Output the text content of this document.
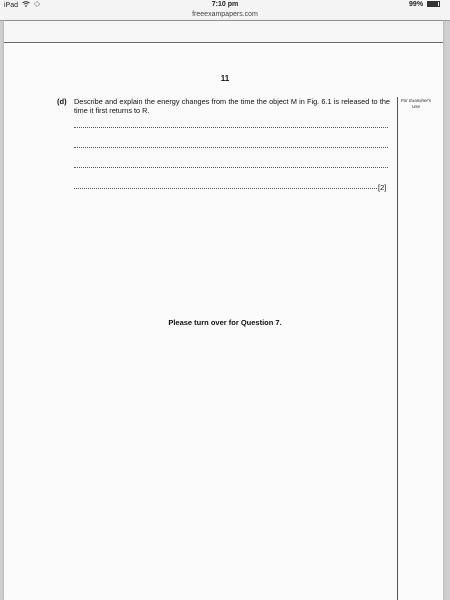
iPad	7:10 pm	99%
freeexampapers.com
11
For Examiner's Use
(d) Describe and explain the energy changes from the time the object M in Fig. 6.1 is released to the time it first returns to R.
[2]
Please turn over for Question 7.
